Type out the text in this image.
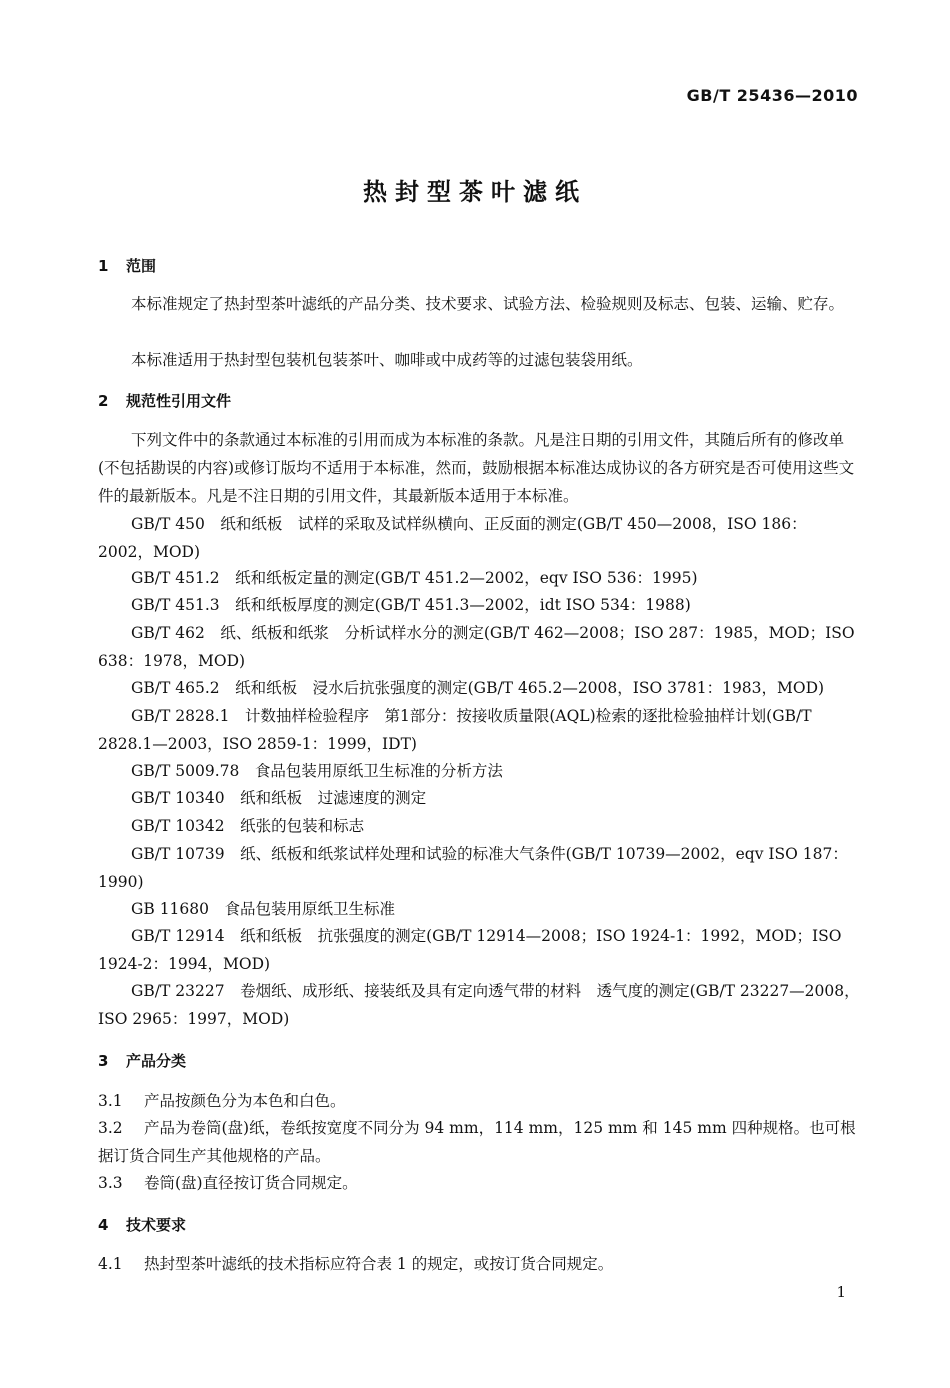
GB/T 25436—2010
热封型茶叶滤纸
1 范围
本标准规定了热封型茶叶滤纸的产品分类、技术要求、试验方法、检验规则及标志、包装、运输、贮存。
本标准适用于热封型包装机包装茶叶、咖啡或中成药等的过滤包装袋用纸。
2 规范性引用文件
下列文件中的条款通过本标准的引用而成为本标准的条款。凡是注日期的引用文件，其随后所有的修改单(不包括勘误的内容)或修订版均不适用于本标准，然而，鼓励根据本标准达成协议的各方研究是否可使用这些文件的最新版本。凡是不注日期的引用文件，其最新版本适用于本标准。
GB/T 450　纸和纸板　试样的采取及试样纵横向、正反面的测定(GB/T 450—2008，ISO 186：2002，MOD)
GB/T 451.2　纸和纸板定量的测定(GB/T 451.2—2002，eqv ISO 536：1995)
GB/T 451.3　纸和纸板厚度的测定(GB/T 451.3—2002，idt ISO 534：1988)
GB/T 462　纸、纸板和纸浆　分析试样水分的测定(GB/T 462—2008；ISO 287：1985，MOD；ISO 638：1978，MOD)
GB/T 465.2　纸和纸板　浸水后抗张强度的测定(GB/T 465.2—2008，ISO 3781：1983，MOD)
GB/T 2828.1　计数抽样检验程序　第1部分：按接收质量限(AQL)检索的逐批检验抽样计划(GB/T 2828.1—2003，ISO 2859-1：1999，IDT)
GB/T 5009.78　食品包装用原纸卫生标准的分析方法
GB/T 10340　纸和纸板　过滤速度的测定
GB/T 10342　纸张的包装和标志
GB/T 10739　纸、纸板和纸浆试样处理和试验的标准大气条件(GB/T 10739—2002，eqv ISO 187：1990)
GB 11680　食品包装用原纸卫生标准
GB/T 12914　纸和纸板　抗张强度的测定(GB/T 12914—2008；ISO 1924-1：1992，MOD；ISO 1924-2：1994，MOD)
GB/T 23227　卷烟纸、成形纸、接装纸及具有定向透气带的材料　透气度的测定(GB/T 23227—2008，ISO 2965：1997，MOD)
3 产品分类
3.1 产品按颜色分为本色和白色。
3.2 产品为卷筒(盘)纸，卷纸按宽度不同分为 94 mm，114 mm，125 mm 和 145 mm 四种规格。也可根据订货合同生产其他规格的产品。
3.3 卷筒(盘)直径按订货合同规定。
4 技术要求
4.1 热封型茶叶滤纸的技术指标应符合表 1 的规定，或按订货合同规定。
1
